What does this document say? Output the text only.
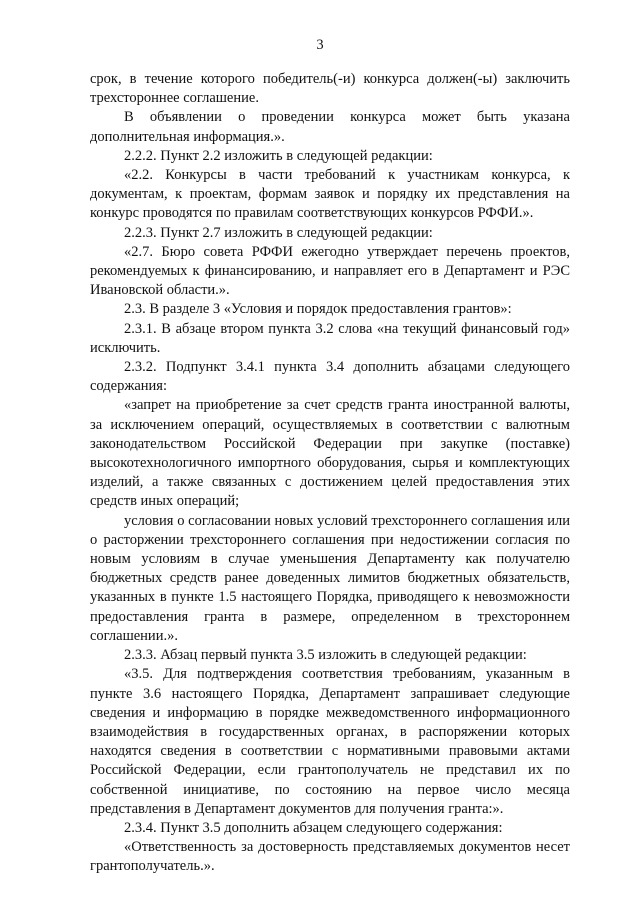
3

срок, в течение которого победитель(-и) конкурса должен(-ы) заключить трехстороннее соглашение.

В объявлении о проведении конкурса может быть указана дополнительная информация.».

2.2.2. Пункт 2.2 изложить в следующей редакции:

«2.2. Конкурсы в части требований к участникам конкурса, к документам, к проектам, формам заявок и порядку их представления на конкурс проводятся по правилам соответствующих конкурсов РФФИ.».

2.2.3. Пункт 2.7 изложить в следующей редакции:

«2.7. Бюро совета РФФИ ежегодно утверждает перечень проектов, рекомендуемых к финансированию, и направляет его в Департамент и РЭС Ивановской области.».

2.3. В разделе 3 «Условия и порядок предоставления грантов»:

2.3.1. В абзаце втором пункта 3.2 слова «на текущий финансовый год» исключить.

2.3.2. Подпункт 3.4.1 пункта 3.4 дополнить абзацами следующего содержания:

«запрет на приобретение за счет средств гранта иностранной валюты, за исключением операций, осуществляемых в соответствии с валютным законодательством Российской Федерации при закупке (поставке) высокотехнологичного импортного оборудования, сырья и комплектующих изделий, а также связанных с достижением целей предоставления этих средств иных операций;

условия о согласовании новых условий трехстороннего соглашения или о расторжении трехстороннего соглашения при недостижении согласия по новым условиям в случае уменьшения Департаменту как получателю бюджетных средств ранее доведенных лимитов бюджетных обязательств, указанных в пункте 1.5 настоящего Порядка, приводящего к невозможности предоставления гранта в размере, определенном в трехстороннем соглашении.».

2.3.3. Абзац первый пункта 3.5 изложить в следующей редакции:

«3.5. Для подтверждения соответствия требованиям, указанным в пункте 3.6 настоящего Порядка, Департамент запрашивает следующие сведения и информацию в порядке межведомственного информационного взаимодействия в государственных органах, в распоряжении которых находятся сведения в соответствии с нормативными правовыми актами Российской Федерации, если грантополучатель не представил их по собственной инициативе, по состоянию на первое число месяца представления в Департамент документов для получения гранта:».

2.3.4. Пункт 3.5 дополнить абзацем следующего содержания:

«Ответственность за достоверность представляемых документов несет грантополучатель.».
